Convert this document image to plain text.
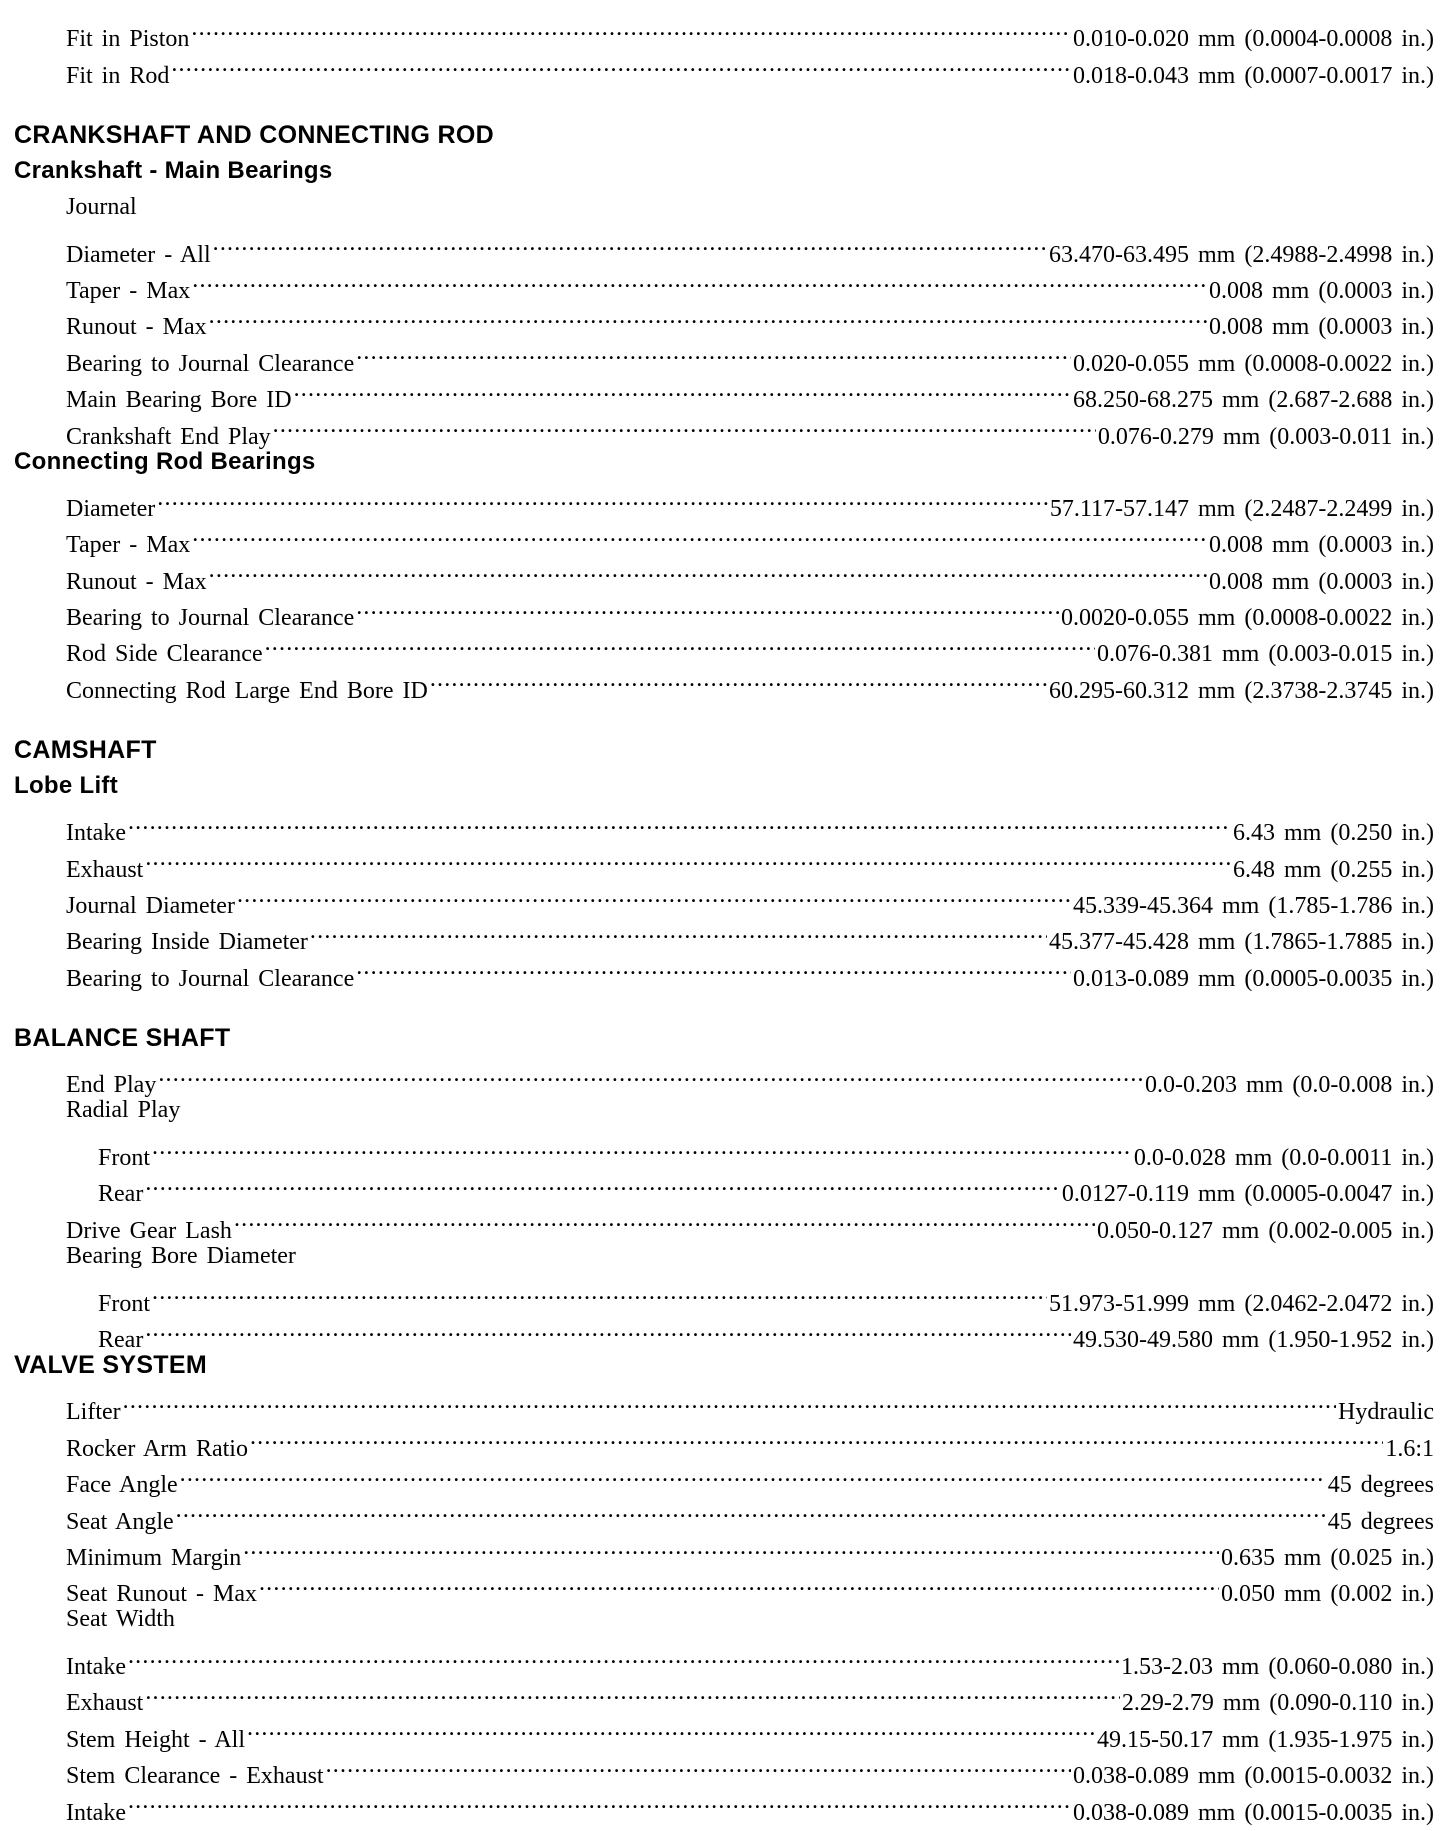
Fit in Piston .....	0.010-0.020 mm (0.0004-0.0008 in.)
Fit in Rod .....	0.018-0.043 mm (0.0007-0.0017 in.)
CRANKSHAFT AND CONNECTING ROD
Crankshaft - Main Bearings
Journal
Diameter - All .....	63.470-63.495 mm (2.4988-2.4998 in.)
Taper - Max .....	0.008 mm (0.0003 in.)
Runout - Max .....	0.008 mm (0.0003 in.)
Bearing to Journal Clearance .....	0.020-0.055 mm (0.0008-0.0022 in.)
Main Bearing Bore ID .....	68.250-68.275 mm (2.687-2.688 in.)
Crankshaft End Play .....	0.076-0.279 mm (0.003-0.011 in.)
Connecting Rod Bearings
Diameter .....	57.117-57.147 mm (2.2487-2.2499 in.)
Taper - Max .....	0.008 mm (0.0003 in.)
Runout - Max .....	0.008 mm (0.0003 in.)
Bearing to Journal Clearance .....	0.0020-0.055 mm (0.0008-0.0022 in.)
Rod Side Clearance .....	0.076-0.381 mm (0.003-0.015 in.)
Connecting Rod Large End Bore ID .....	60.295-60.312 mm (2.3738-2.3745 in.)
CAMSHAFT
Lobe Lift
Intake .....	6.43 mm (0.250 in.)
Exhaust .....	6.48 mm (0.255 in.)
Journal Diameter .....	45.339-45.364 mm (1.785-1.786 in.)
Bearing Inside Diameter .....	45.377-45.428 mm (1.7865-1.7885 in.)
Bearing to Journal Clearance .....	0.013-0.089 mm (0.0005-0.0035 in.)
BALANCE SHAFT
End Play .....	0.0-0.203 mm (0.0-0.008 in.)
Radial Play
Front .....	0.0-0.028 mm (0.0-0.0011 in.)
Rear .....	0.0127-0.119 mm (0.0005-0.0047 in.)
Drive Gear Lash .....	0.050-0.127 mm (0.002-0.005 in.)
Bearing Bore Diameter
Front .....	51.973-51.999 mm (2.0462-2.0472 in.)
Rear .....	49.530-49.580 mm (1.950-1.952 in.)
VALVE SYSTEM
Lifter .....	Hydraulic
Rocker Arm Ratio .....	1.6:1
Face Angle .....	45 degrees
Seat Angle .....	45 degrees
Minimum Margin .....	0.635 mm (0.025 in.)
Seat Runout - Max .....	0.050 mm (0.002 in.)
Seat Width
Intake .....	1.53-2.03 mm (0.060-0.080 in.)
Exhaust .....	2.29-2.79 mm (0.090-0.110 in.)
Stem Height - All .....	49.15-50.17 mm (1.935-1.975 in.)
Stem Clearance - Exhaust .....	0.038-0.089 mm (0.0015-0.0032 in.)
Intake .....	0.038-0.089 mm (0.0015-0.0035 in.)
